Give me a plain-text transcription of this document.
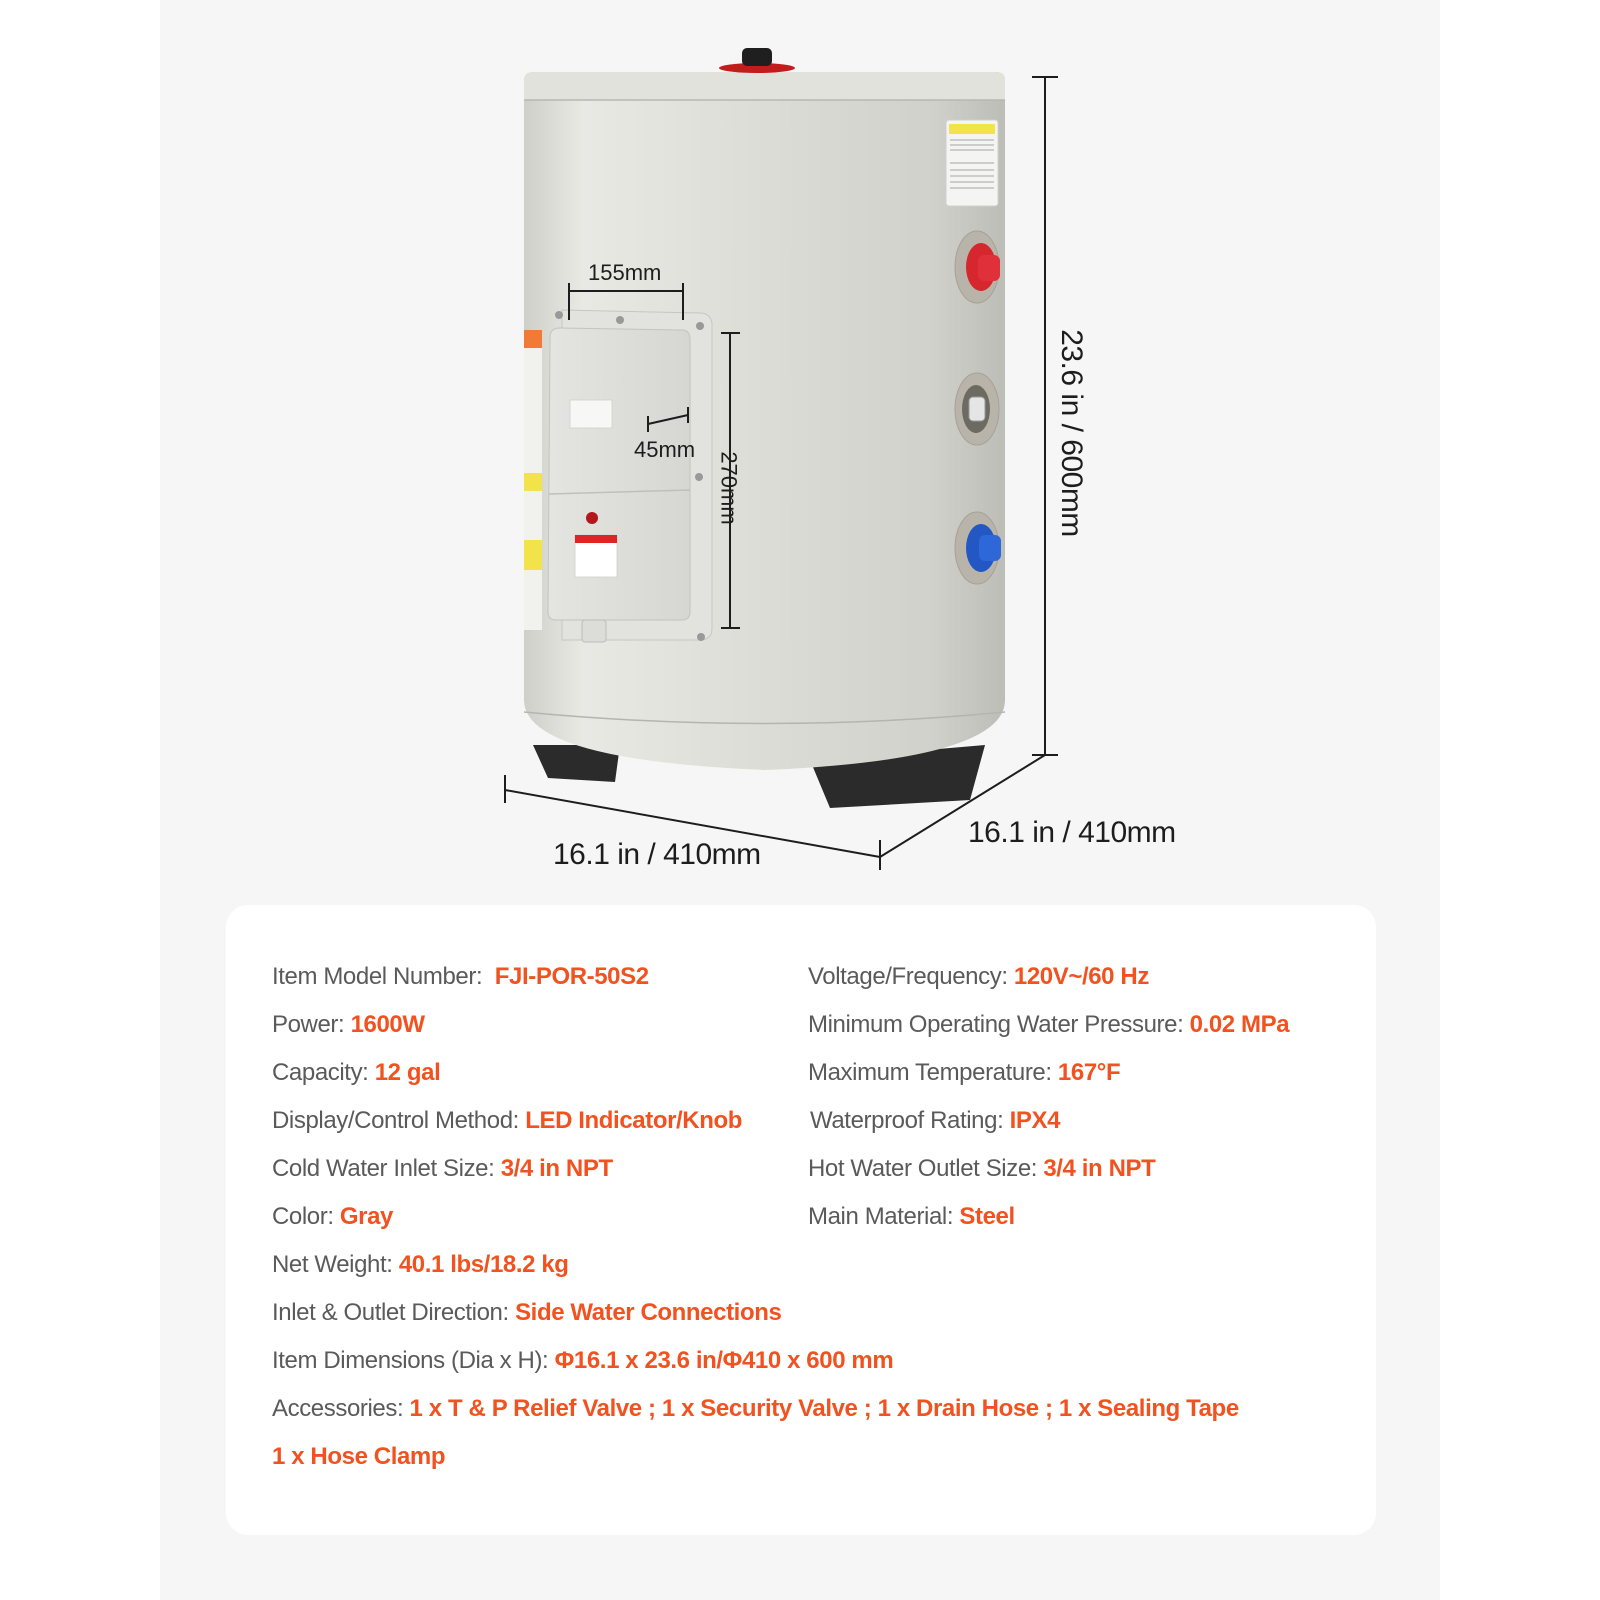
155mm
45mm
270mm	23.6 in / 600mm
16.1 in / 410mm
16.1 in / 410mm
Item Model Number: FJI-POR-50S2
Power: 1600W
Capacity: 12 gal
Display/Control Method: LED Indicator/Knob
Cold Water Inlet Size: 3/4 in NPT
Color: Gray
Net Weight: 40.1 lbs/18.2 kg
Inlet & Outlet Direction: Side Water Connections
Item Dimensions (Dia x H): Φ16.1 x 23.6 in/Φ410 x 600 mm
Accessories: 1 x T & P Relief Valve ; 1 x Security Valve ; 1 x Drain Hose ; 1 x Sealing Tape
1 x Hose Clamp
Voltage/Frequency: 120V~/60 Hz
Minimum Operating Water Pressure: 0.02 MPa
Maximum Temperature: 167°F
Waterproof Rating: IPX4
Hot Water Outlet Size: 3/4 in NPT
Main Material: Steel
